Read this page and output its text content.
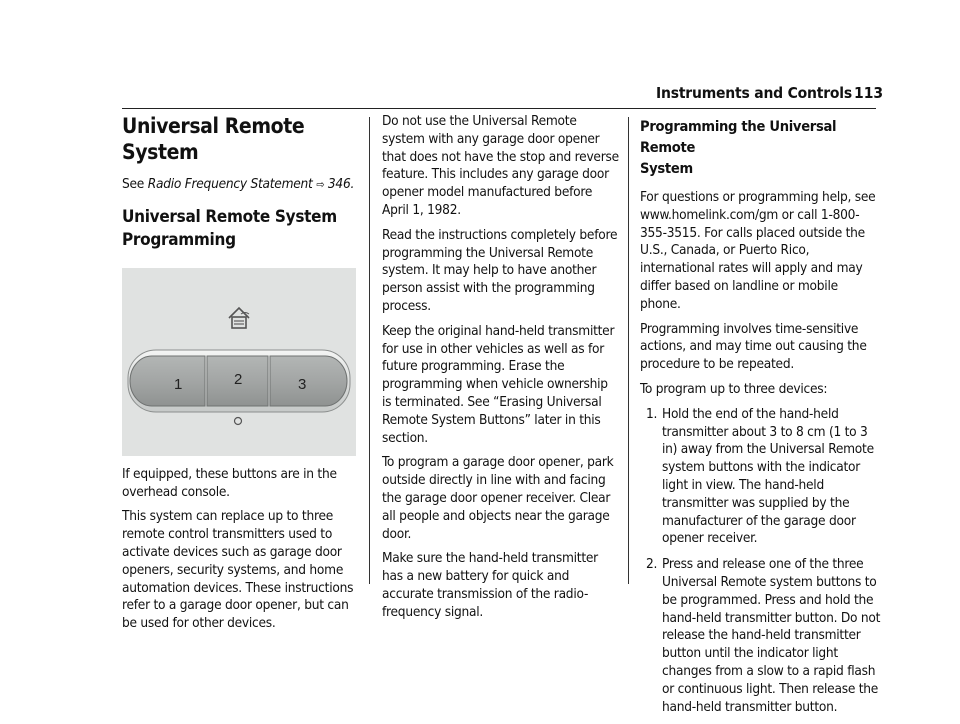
Instruments and Controls 113
Universal Remote System

See Radio Frequency Statement ⇨ 346.

Universal Remote System
Programming
1	2	3

If equipped, these buttons are in the overhead console.

This system can replace up to three remote control transmitters used to activate devices such as garage door openers, security systems, and home automation devices. These instructions refer to a garage door opener, but can be used for other devices.

Do not use the Universal Remote system with any garage door opener that does not have the stop and reverse feature. This includes any garage door opener model manufactured before April 1, 1982.

Read the instructions completely before programming the Universal Remote system. It may help to have another person assist with the programming process.

Keep the original hand-held transmitter for use in other vehicles as well as for future programming. Erase the programming when vehicle ownership is terminated. See “Erasing Universal Remote System Buttons” later in this section.

To program a garage door opener, park outside directly in line with and facing the garage door opener receiver. Clear all people and objects near the garage door.

Make sure the hand-held transmitter has a new battery for quick and accurate transmission of the radio-frequency signal.

Programming the Universal Remote
System

For questions or programming help, see www.homelink.com/gm or call 1-800-355-3515. For calls placed outside the U.S., Canada, or Puerto Rico, international rates will apply and may differ based on landline or mobile phone.

Programming involves time-sensitive actions, and may time out causing the procedure to be repeated.

To program up to three devices:

1. Hold the end of the hand-held transmitter about 3 to 8 cm (1 to 3 in) away from the Universal Remote system buttons with the indicator light in view. The hand-held transmitter was supplied by the manufacturer of the garage door opener receiver.
2. Press and release one of the three Universal Remote system buttons to be programmed. Press and hold the hand-held transmitter button. Do not release the hand-held transmitter button until the indicator light changes from a slow to a rapid flash or continuous light. Then release the hand-held transmitter button.
